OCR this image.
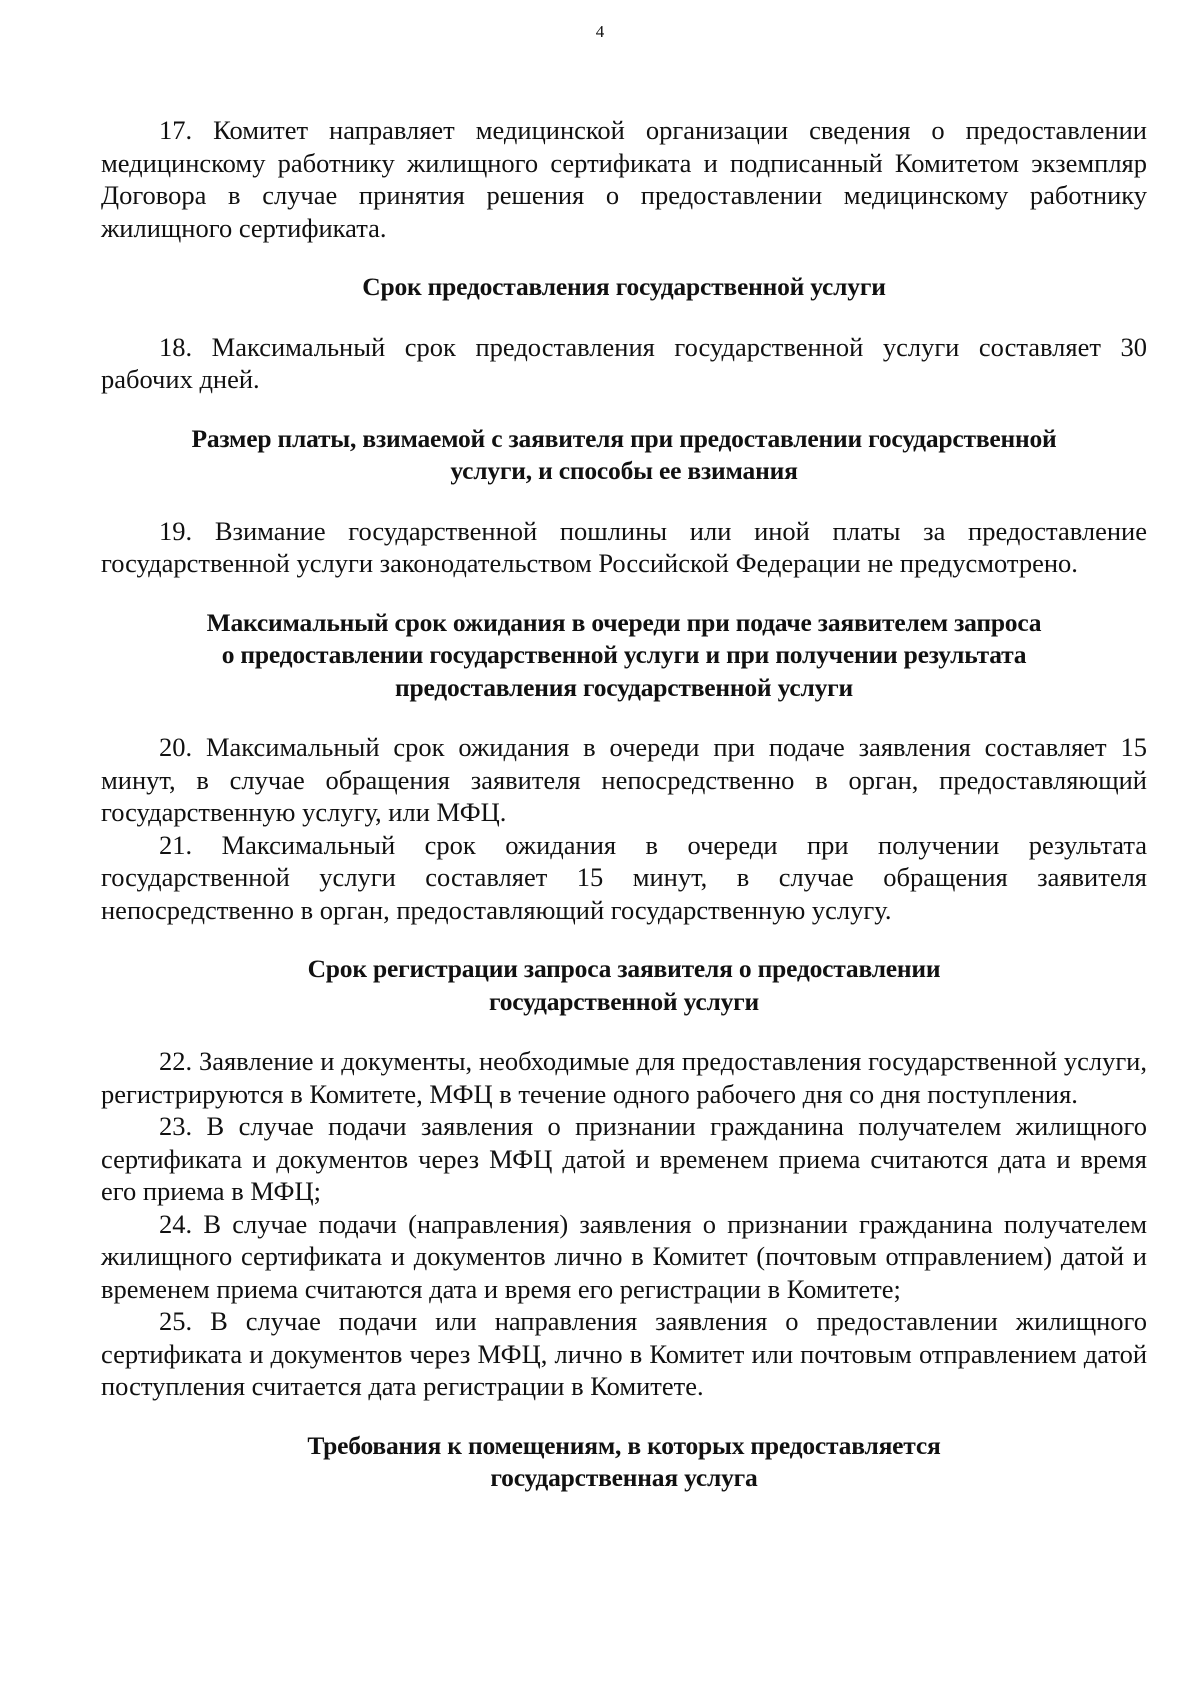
4

17. Комитет направляет медицинской организации сведения о предоставлении медицинскому работнику жилищного сертификата и подписанный Комитетом экземпляр Договора в случае принятия решения о предоставлении медицинскому работнику жилищного сертификата.

Срок предоставления государственной услуги

18. Максимальный срок предоставления государственной услуги составляет 30 рабочих дней.

Размер платы, взимаемой с заявителя при предоставлении государственной
услуги, и способы ее взимания

19. Взимание государственной пошлины или иной платы за предоставление государственной услуги законодательством Российской Федерации не предусмотрено.

Максимальный срок ожидания в очереди при подаче заявителем запроса
о предоставлении государственной услуги и при получении результата
предоставления государственной услуги

20. Максимальный срок ожидания в очереди при подаче заявления составляет 15 минут, в случае обращения заявителя непосредственно в орган, предоставляющий государственную услугу, или МФЦ.

21. Максимальный срок ожидания в очереди при получении результата государственной услуги составляет 15 минут, в случае обращения заявителя непосредственно в орган, предоставляющий государственную услугу.

Срок регистрации запроса заявителя о предоставлении
государственной услуги

22. Заявление и документы, необходимые для предоставления государственной услуги, регистрируются в Комитете, МФЦ в течение одного рабочего дня со дня поступления.

23. В случае подачи заявления о признании гражданина получателем жилищного сертификата и документов через МФЦ датой и временем приема считаются дата и время его приема в МФЦ;

24. В случае подачи (направления) заявления о признании гражданина получателем жилищного сертификата и документов лично в Комитет (почтовым отправлением) датой и временем приема считаются дата и время его регистрации в Комитете;

25. В случае подачи или направления заявления о предоставлении жилищного сертификата и документов через МФЦ, лично в Комитет или почтовым отправлением датой поступления считается дата регистрации в Комитете.

Требования к помещениям, в которых предоставляется
государственная услуга
